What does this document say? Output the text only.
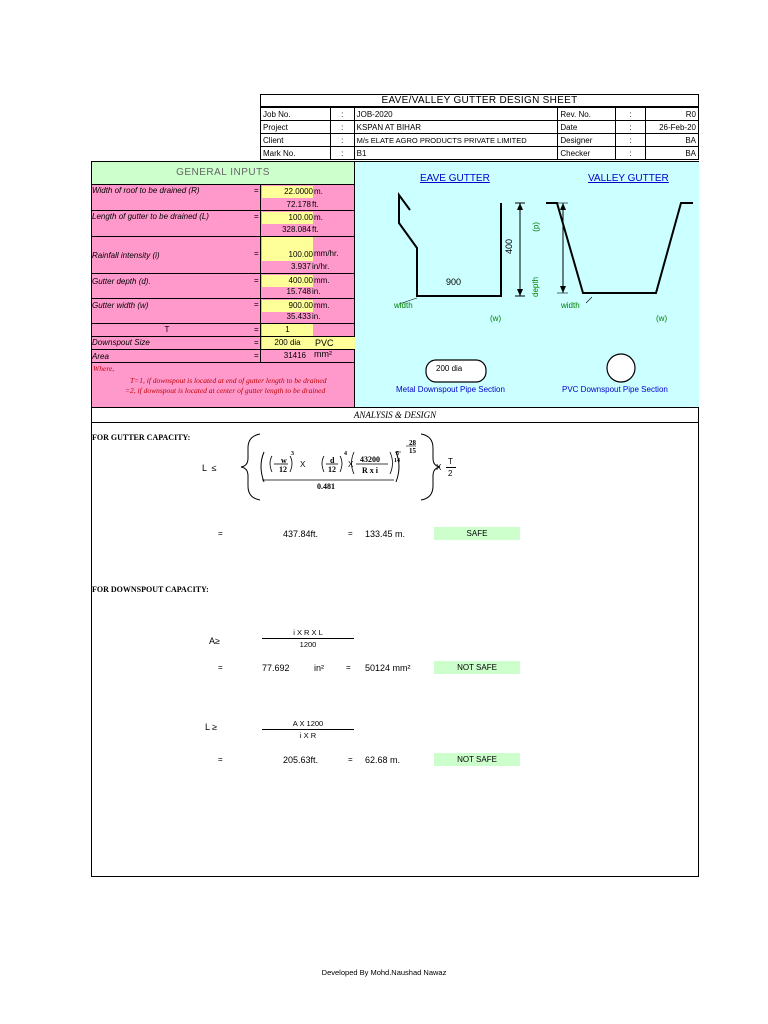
EAVE/VALLEY GUTTER DESIGN SHEET
Job No.	:	JOB-2020	Rev. No.	:	R0
Project	:	KSPAN AT BIHAR	Date	:	26-Feb-20
Client	:	M/s ELATE AGRO PRODUCTS PRIVATE LIMITED	Designer	:	BA
Mark No.	:	B1	Checker	:	BA
GENERAL INPUTS
Width of roof to be drained (R)	=	22.0000 m.
72.178 ft.
Length of gutter to be drained (L)	=	100.00 m.
328.084 ft.
Rainfall intensity (i)	=	100.00 mm/hr.
3.937 in/hr.
Gutter depth (d).	=	400.00 mm.
15.748 in.
Gutter width (w)	=	900.00 mm.
35.433 in.
T	=	1
Downspout Size	=	200 dia	PVC
Area	=	31416 mm²
Where,
T=1, if downspout is located at end of gutter length to be drained
=2, if downspout is located at center of gutter length to be drained
EAVE GUTTER	VALLEY GUTTER
900
400
(d)
depth
width	width
(w)	(w)
200 dia
Metal Downspout Pipe Section	PVC Downspout Pipe Section
ANALYSIS & DESIGN
FOR GUTTER CAPACITY:
L  ≤
w
12
3
X	d
12
4
X
43200
R x i
5
14
28
15
0.481
X
T
2
=	437.84ft.	= 133.45 m.	SAFE
FOR DOWNSPOUT CAPACITY:
A≥
i X R X L
1200
=	77.692	in²	= 50124 mm²	NOT SAFE
L ≥	A X 1200
i X R
=	205.63ft.	= 62.68 m.	NOT SAFE
Developed By Mohd.Naushad Nawaz
